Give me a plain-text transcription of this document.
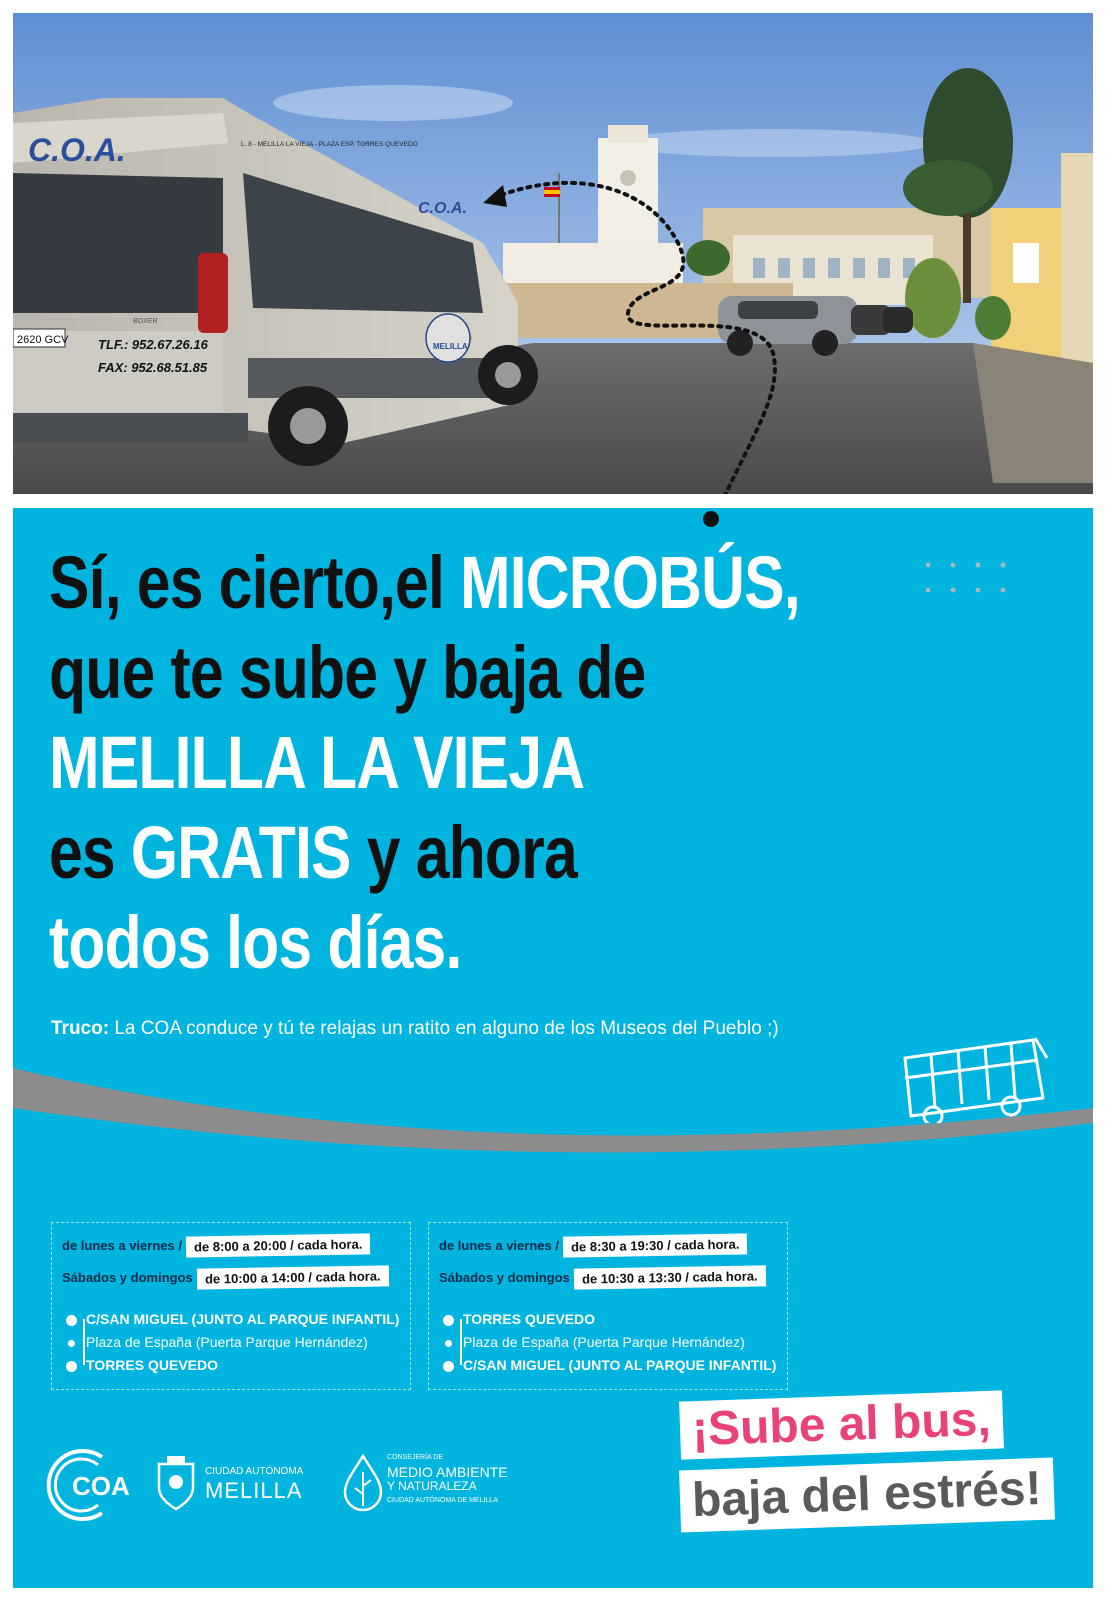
C.O.A.
C.O.A.
L. 8 - MELILLA LA VIEJA - PLAZA ESP. TORRES QUEVEDO
TLF.: 952.67.26.16
FAX: 952.68.51.85
2620 GCV
BOXER
MELILLA
Sí, es cierto,el MICROBÚS,
que te sube y baja de
MELILLA LA VIEJA
es GRATIS y ahora
todos los días.
Truco: La COA conduce y tú te relajas un ratito en alguno de los Museos del Pueblo ;)
de lunes a viernes / de 8:00 a 20:00 / cada hora.
Sábados y domingos de 10:00 a 14:00 / cada hora.
C/SAN MIGUEL (JUNTO AL PARQUE INFANTIL)
Plaza de España (Puerta Parque Hernández)
TORRES QUEVEDO
de lunes a viernes / de 8:30 a 19:30 / cada hora.
Sábados y domingos de 10:30 a 13:30 / cada hora.
TORRES QUEVEDO
Plaza de España (Puerta Parque Hernández)
C/SAN MIGUEL (JUNTO AL PARQUE INFANTIL)
¡Sube al bus,
baja del estrés!
COA	CIUDAD AUTÓNOMA
MELILLA
CONSEJERÍA DE
MEDIO AMBIENTE
Y NATURALEZA
CIUDAD AUTÓNOMA DE MELILLA
